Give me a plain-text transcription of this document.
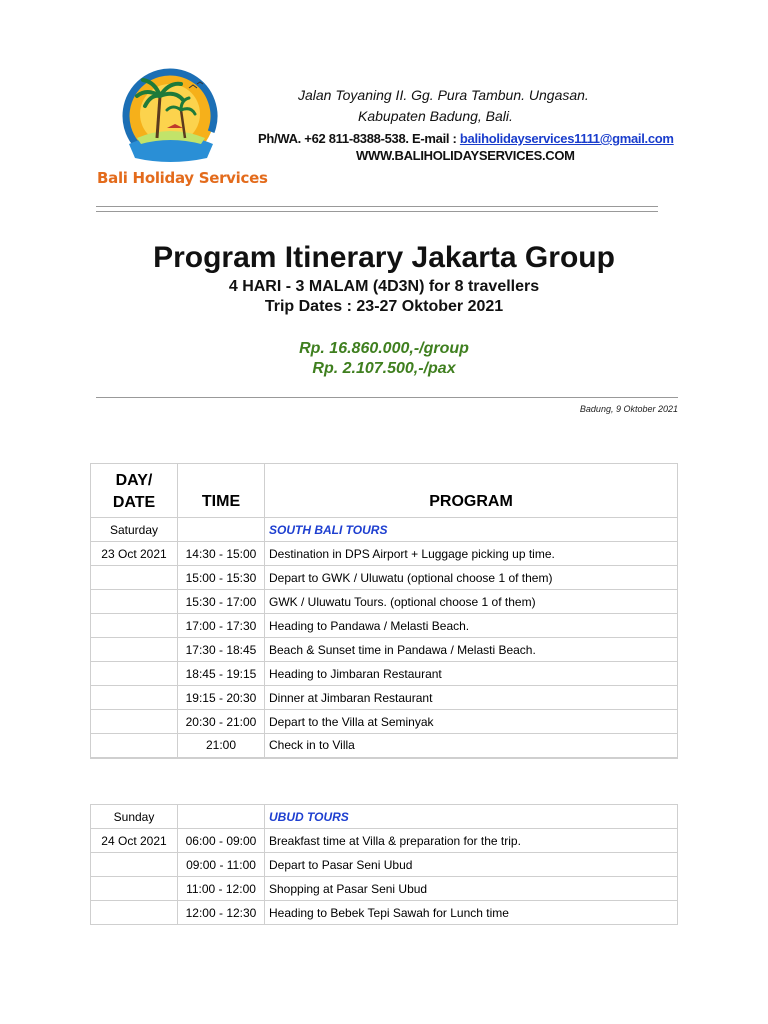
Bali Holiday Services
Jalan Toyaning II. Gg. Pura Tambun. Ungasan.
Kabupaten Badung, Bali.
Ph/WA. +62 811-8388-538. E-mail : baliholidayservices1111@gmail.com
WWW.BALIHOLIDAYSERVICES.COM
Program Itinerary Jakarta Group
4 HARI - 3 MALAM (4D3N) for 8 travellers
Trip Dates : 23-27 Oktober 2021
Rp. 16.860.000,-/group
Rp. 2.107.500,-/pax
Badung, 9 Oktober 2021
DAY/
DATE	TIME	PROGRAM
Saturday		SOUTH BALI TOURS
23 Oct 2021	14:30 - 15:00	Destination in DPS Airport + Luggage picking up time.
	15:00 - 15:30	Depart to GWK / Uluwatu (optional choose 1 of them)
	15:30 - 17:00	GWK / Uluwatu Tours. (optional choose 1 of them)
	17:00 - 17:30	Heading to Pandawa / Melasti Beach.
	17:30 - 18:45	Beach & Sunset time in Pandawa / Melasti Beach.
	18:45 - 19:15	Heading to Jimbaran Restaurant
	19:15 - 20:30	Dinner at Jimbaran Restaurant
	20:30 - 21:00	Depart to the Villa at Seminyak
	21:00	Check in to Villa
Sunday		UBUD TOURS
24 Oct 2021	06:00 - 09:00	Breakfast time at Villa & preparation for the trip.
	09:00 - 11:00	Depart to Pasar Seni Ubud
	11:00 - 12:00	Shopping at Pasar Seni Ubud
	12:00 - 12:30	Heading to Bebek Tepi Sawah for Lunch time
